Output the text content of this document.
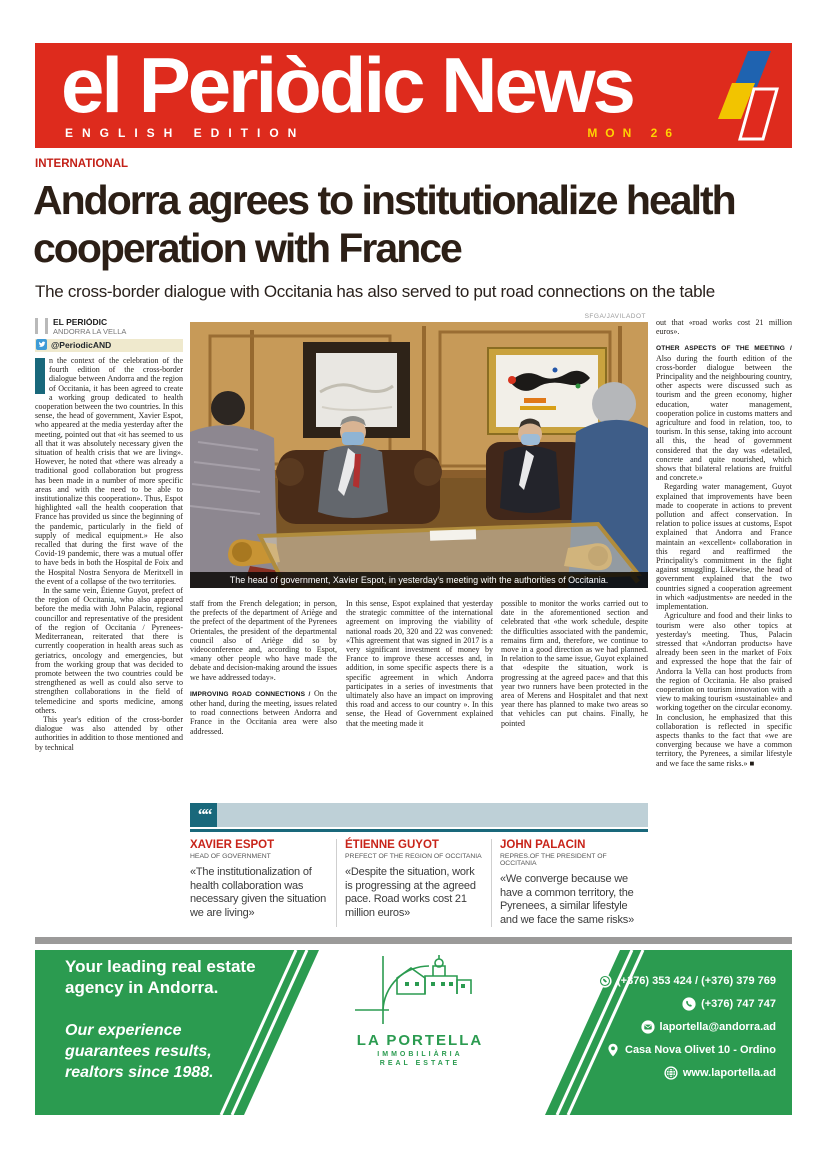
el Periòdic News
ENGLISH EDITION	MON 26
INTERNATIONAL
Andorra agrees to institutionalize health cooperation with France
The cross-border dialogue with Occitania has also served to put road connections on the table
EL PERIÒDIC
ANDORRA LA VELLA
@PeriodicAND

n the context of the celebration of the fourth edition of the cross-border dialogue between Andorra and the region of Occitania, it has been agreed to create a working group dedicated to health cooperation between the two countries. In this sense, the head of government, Xavier Espot, who appeared at the media yesterday after the meeting, pointed out that «it has seemed to us all that it was absolutely necessary given the situation of health crisis that we are living». However, he noted that «there was already a traditional good collaboration but progress has been made in a number of more specific areas and with the need to be able to institutionalize this cooperation». Thus, Espot highlighted «all the health cooperation that France has provided us since the beginning of the pandemic, particularly in the field of supply of medical equipment.» He also recalled that during the first wave of the Covid-19 pandemic, there was a mutual offer to have beds in both the Hospital de Foix and the Hospital Nostra Senyora de Meritxell in the event of a collapse of the two territories.

In the same vein, Étienne Guyot, prefect of the region of Occitania, who also appeared before the media with John Palacin, regional councillor and representative of the president of the region of Occitania / Pyrenees-Mediterranean, reiterated that there is currently cooperation in health areas such as geriatrics, oncology and emergencies, but from the working group that was decided to promote between the two countries could be strengthened as well as could also serve to strengthen collaborations in the field of telemedicine and sports medicine, among others.

This year's edition of the cross-border dialogue was also attended by other authorities in addition to those mentioned and by technical

SFGA/JAVILADOT
The head of government, Xavier Espot, in yesterday's meeting with the authorities of Occitania.

staff from the French delegation; in person, the prefects of the department of Ariège and the prefect of the department of the Pyrenees Orientales, the president of the departmental council also of Ariège did so by videoconference and, according to Espot, «many other people who have made the debate and decision-making around the issues we have addressed today».

IMPROVING ROAD CONNECTIONS / On the other hand, during the meeting, issues related to road connections between Andorra and France in the Occitania area were also addressed.

In this sense, Espot explained that yesterday the strategic committee of the international agreement on improving the viability of national roads 20, 320 and 22 was convened: «This agreement that was signed in 2017 is a very significant investment of money by France to improve these accesses and, in addition, in some specific aspects there is a specific agreement in which Andorra participates in a series of investments that ultimately also have an impact on improving this road and access to our country ». In this sense, the Head of Government explained that the meeting made it

possible to monitor the works carried out to date in the aforementioned section and celebrated that «the work schedule, despite the difficulties associated with the pandemic, remains firm and, therefore, we continue to move in a good direction as we had planned. In relation to the same issue, Guyot explained that «despite the situation, work is progressing at the agreed pace» and that this year two runners have been protected in the area of Merens and Hospitalet and that next year there has planned to make two areas so that vehicles can put chains. Finally, he pointed

out that «road works cost 21 million euros».

OTHER ASPECTS OF THE MEETING / Also during the fourth edition of the cross-border dialogue between the Principality and the neighbouring country, other aspects were discussed such as tourism and the green economy, higher education, water management, cooperation police in customs matters and agriculture and food in relation, too, to tourism. In this sense, taking into account all this, the head of government considered that the day was «detailed, concrete and quite nourished, which shows that bilateral relations are fruitful and concrete.»

Regarding water management, Guyot explained that improvements have been made to cooperate in actions to prevent pollution and affect conservation. In relation to police issues at customs, Espot explained that Andorra and France maintain an «excellent» collaboration in this regard and reaffirmed the Principality's commitment in the fight against smuggling. Likewise, the head of government explained that the two countries signed a cooperation agreement in which «adjustments» are needed in the implementation.

Agriculture and food and their links to tourism were also other topics at yesterday's meeting. Thus, Palacin stressed that «Andorran products» have already been seen in the market of Foix and expressed the hope that the fair of Andorra la Vella can host products from the region of Occitania. He also praised cooperation on tourism innovation with a view to making tourism «sustainable» and working together on the circular economy. In conclusion, he emphasized that this collaboration is reflected in specific aspects thanks to the fact that «we are converging because we have a common territory, the Pyrenees, a similar lifestyle and we face the same risks.» ■

““
XAVIER ESPOT
HEAD OF GOVERNMENT
«The institutionalization of health collaboration was necessary given the situation we are living»
ÉTIENNE GUYOT
PREFECT OF THE REGION OF OCCITANIA
«Despite the situation, work is progressing at the agreed pace. Road works cost 21 million euros»
JOHN PALACIN
REPRES.OF THE PRESIDENT OF OCCITANIA
«We converge because we have a common territory, the Pyrenees, a similar lifestyle and we face the same risks»

Your leading real estate agency in Andorra.

Our experience guarantees results, realtors since 1988.

LA PORTELLA
IMMOBILIÀRIA
REAL ESTATE
(+376) 353 424 / (+376) 379 769
(+376) 747 747
laportella@andorra.ad
Casa Nova Olivet 10 - Ordino
www.laportella.ad
